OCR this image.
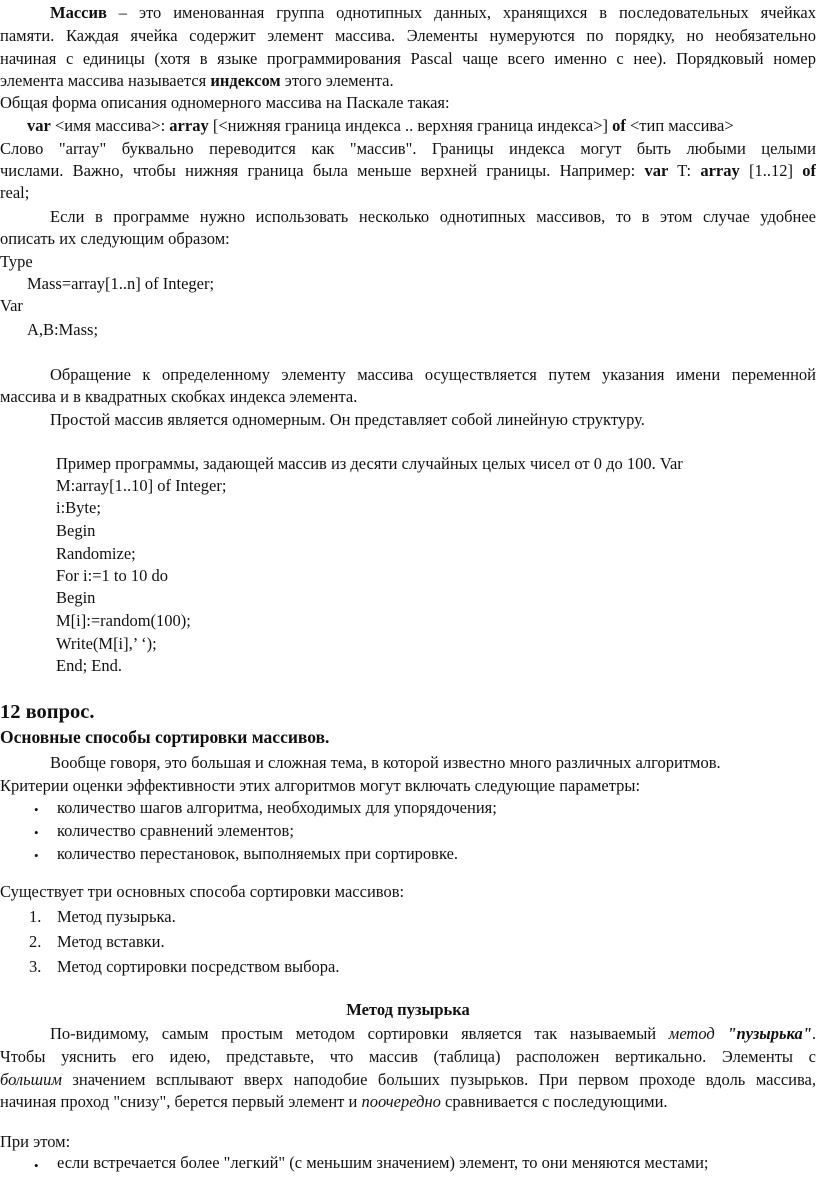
Массив – это именованная группа однотипных данных, хранящихся в последовательных ячейках
памяти. Каждая ячейка содержит элемент массива. Элементы нумеруются по порядку, но необязательно
начиная с единицы (хотя в языке программирования Pascal чаще всего именно с нее). Порядковый номер
элемента массива называется индексом этого элемента.
Общая форма описания одномерного массива на Паскале такая:
var <имя массива>: array [<нижняя граница индекса .. верхняя граница индекса>] of <тип массива>
Слово "array" буквально переводится как "массив". Границы индекса могут быть любыми целыми
числами. Важно, чтобы нижняя граница была меньше верхней границы. Например: var T: array [1..12] of
real;
Если в программе нужно использовать несколько однотипных массивов, то в этом случае удобнее
описать их следующим образом:
Type
Mass=array[1..n] of Integer;
Var
A,B:Mass;
Обращение к определенному элементу массива осуществляется путем указания имени переменной
массива и в квадратных скобках индекса элемента.
Простой массив является одномерным. Он представляет собой линейную структуру.
Пример программы, задающей массив из десяти случайных целых чисел от 0 до 100. Var
M:array[1..10] of Integer;
i:Byte;
Begin
Randomize;
For i:=1 to 10 do
Begin
M[i]:=random(100);
Write(M[i],’ ‘);
End; End.
12 вопрос.
Основные способы сортировки массивов.
Вообще говоря, это большая и сложная тема, в которой известно много различных алгоритмов.
Критерии оценки эффективности этих алгоритмов могут включать следующие параметры:
• количество шагов алгоритма, необходимых для упорядочения;
• количество сравнений элементов;
• количество перестановок, выполняемых при сортировке.
Существует три основных способа сортировки массивов:
1. Метод пузырька.
2. Метод вставки.
3. Метод сортировки посредством выбора.
Метод пузырька
По-видимому, самым простым методом сортировки является так называемый метод "пузырька".
Чтобы уяснить его идею, представьте, что массив (таблица) расположен вертикально. Элементы с
большим значением всплывают вверх наподобие больших пузырьков. При первом проходе вдоль массива,
начиная проход "снизу", берется первый элемент и поочередно сравнивается с последующими.
При этом:
• если встречается более "легкий" (с меньшим значением) элемент, то они меняются местами;
